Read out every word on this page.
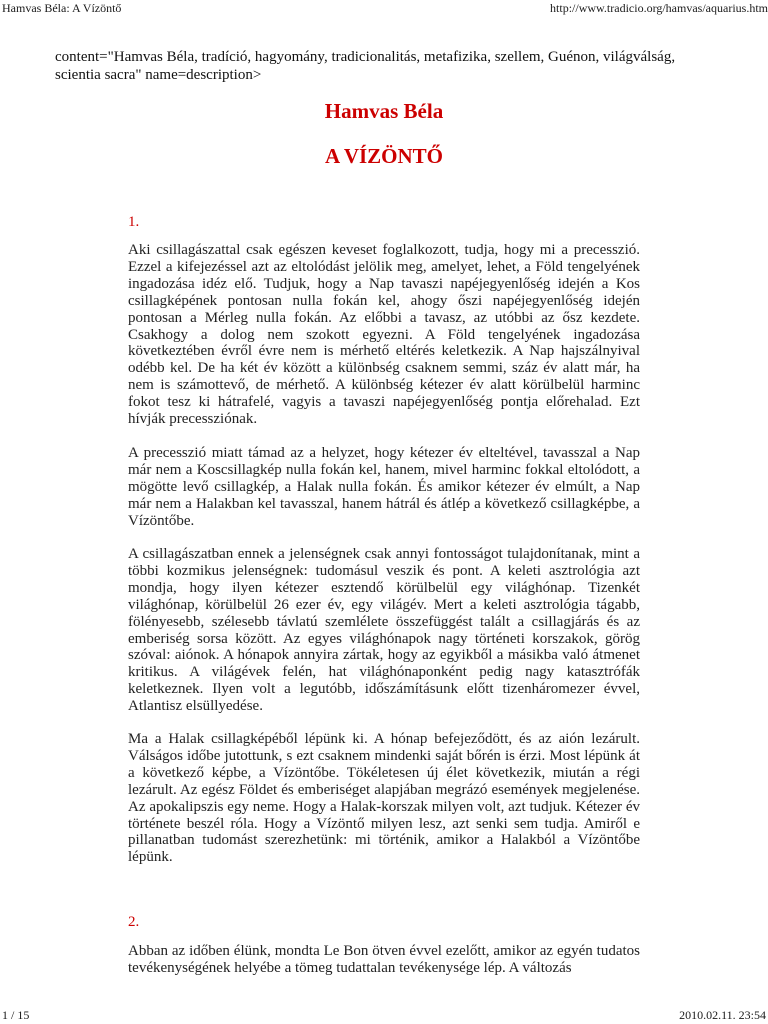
Hamvas Béla: A Vízöntő	http://www.tradicio.org/hamvas/aquarius.htm
content="Hamvas Béla, tradíció, hagyomány, tradicionalitás, metafizika, szellem, Guénon, világválság, scientia sacra" name=description>
Hamvas Béla
A VÍZÖNTŐ
1.
Aki csillagászattal csak egészen keveset foglalkozott, tudja, hogy mi a precesszió. Ezzel a kifejezéssel azt az eltolódást jelölik meg, amelyet, lehet, a Föld tengelyének ingadozása idéz elő. Tudjuk, hogy a Nap tavaszi napéjegyenlőség idején a Kos csillagképének pontosan nulla fokán kel, ahogy őszi napéjegyenlőség idején pontosan a Mérleg nulla fokán. Az előbbi a tavasz, az utóbbi az ősz kezdete. Csakhogy a dolog nem szokott egyezni. A Föld tengelyének ingadozása következtében évről évre nem is mérhető eltérés keletkezik. A Nap hajszálnyival odébb kel. De ha két év között a különbség csaknem semmi, száz év alatt már, ha nem is számottevő, de mérhető. A különbség kétezer év alatt körülbelül harminc fokot tesz ki hátrafelé, vagyis a tavaszi napéjegyenlőség pontja előrehalad. Ezt hívják precessziónak.
A precesszió miatt támad az a helyzet, hogy kétezer év elteltével, tavasszal a Nap már nem a Koscsillagkép nulla fokán kel, hanem, mivel harminc fokkal eltolódott, a mögötte levő csillagkép, a Halak nulla fokán. És amikor kétezer év elmúlt, a Nap már nem a Halakban kel tavasszal, hanem hátrál és átlép a következő csillagképbe, a Vízöntőbe.
A csillagászatban ennek a jelenségnek csak annyi fontosságot tulajdonítanak, mint a többi kozmikus jelenségnek: tudomásul veszik és pont. A keleti asztrológia azt mondja, hogy ilyen kétezer esztendő körülbelül egy világhónap. Tizenkét világhónap, körülbelül 26 ezer év, egy világév. Mert a keleti asztrológia tágabb, fölényesebb, szélesebb távlatú szemlélete összefüggést talált a csillagjárás és az emberiség sorsa között. Az egyes világhónapok nagy történeti korszakok, görög szóval: aiónok. A hónapok annyira zártak, hogy az egyikből a másikba való átmenet kritikus. A világévek felén, hat világhónaponként pedig nagy katasztrófák keletkeznek. Ilyen volt a legutóbb, időszámításunk előtt tizenháromezer évvel, Atlantisz elsüllyedése.
Ma a Halak csillagképéből lépünk ki. A hónap befejeződött, és az aión lezárult. Válságos időbe jutottunk, s ezt csaknem mindenki saját bőrén is érzi. Most lépünk át a következő képbe, a Vízöntőbe. Tökéletesen új élet következik, miután a régi lezárult. Az egész Földet és emberiséget alapjában megrázó események megjelenése. Az apokalipszis egy neme. Hogy a Halak-korszak milyen volt, azt tudjuk. Kétezer év története beszél róla. Hogy a Vízöntő milyen lesz, azt senki sem tudja. Amiről e pillanatban tudomást szerezhetünk: mi történik, amikor a Halakból a Vízöntőbe lépünk.
2.
Abban az időben élünk, mondta Le Bon ötven évvel ezelőtt, amikor az egyén tudatos tevékenységének helyébe a tömeg tudattalan tevékenysége lép. A változás
1 / 15	2010.02.11. 23:54
